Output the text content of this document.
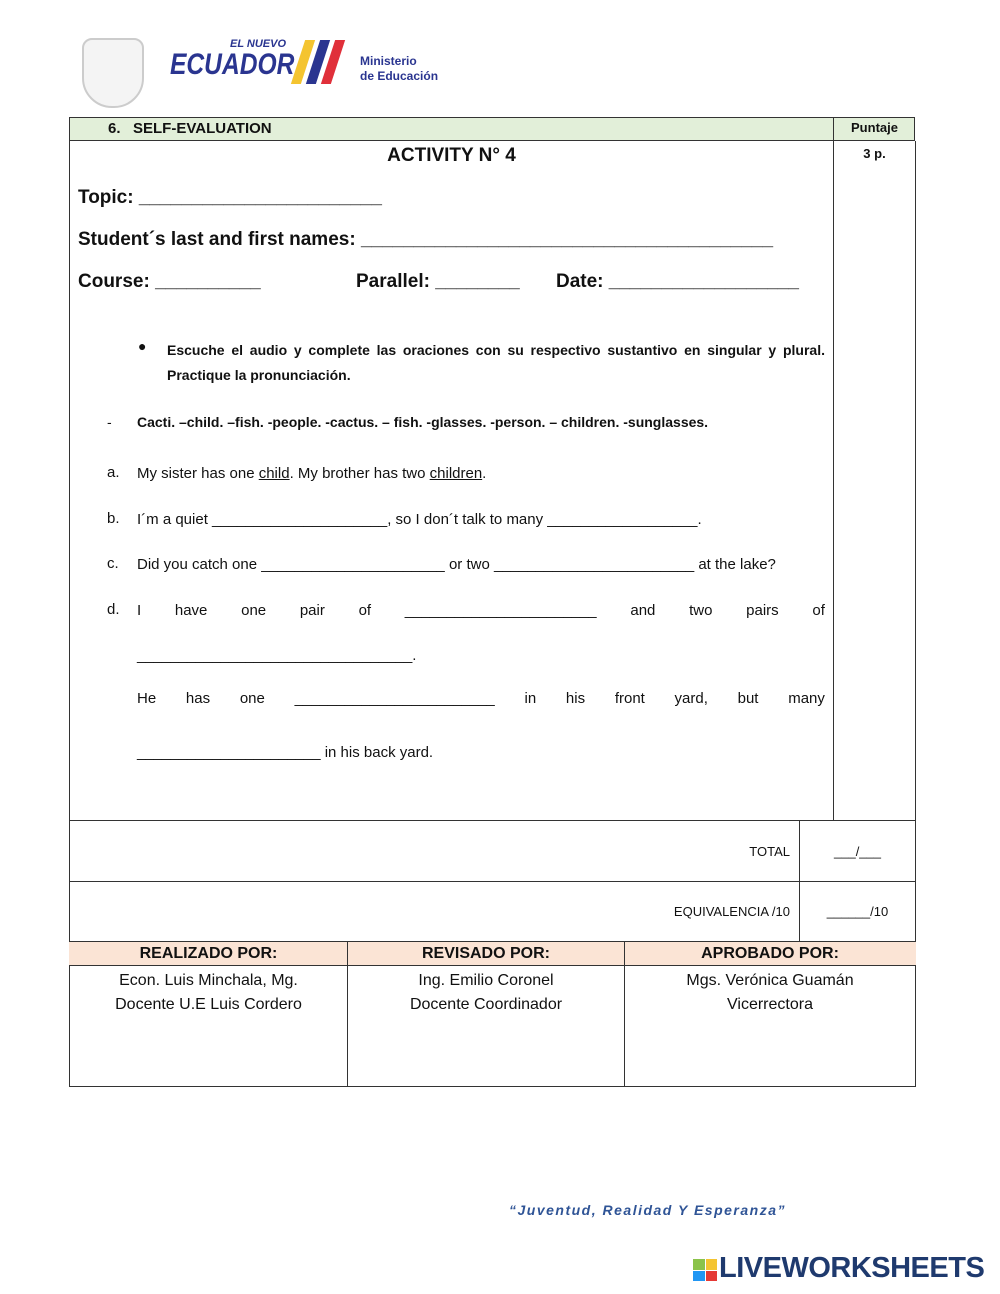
EL NUEVO
ECUADOR	Ministerio
de Educación
6.   SELF-EVALUATION	Puntaje
3 p.
ACTIVITY N° 4
Topic: _______________________
Student´s last and first names: _______________________________________
Course: __________	Parallel: ________ Date: __________________
● Escuche el audio y complete las oraciones con su respectivo sustantivo en singular y plural. Practique la pronunciación.
- Cacti. –child. –fish. -people. -cactus. – fish. -glasses. -person. – children. -sunglasses.
a. My sister has one child. My brother has two children.
b. I´m a quiet _____________________, so I don´t talk to many __________________.
c. Did you catch one ______________________ or two ________________________ at the lake?
d. I have one pair of _______________________ and two pairs of
_________________________________.
He has one ________________________ in his front yard, but many
______________________ in his back yard.
TOTAL	___/___
EQUIVALENCIA /10	______/10
REALIZADO POR:	REVISADO POR:	APROBADO POR:
Econ. Luis Minchala, Mg.
Docente U.E Luis Cordero
Ing. Emilio Coronel
Docente Coordinador
Mgs. Verónica Guamán
Vicerrectora
“Juventud, Realidad Y Esperanza”
LIVEWORKSHEETS
